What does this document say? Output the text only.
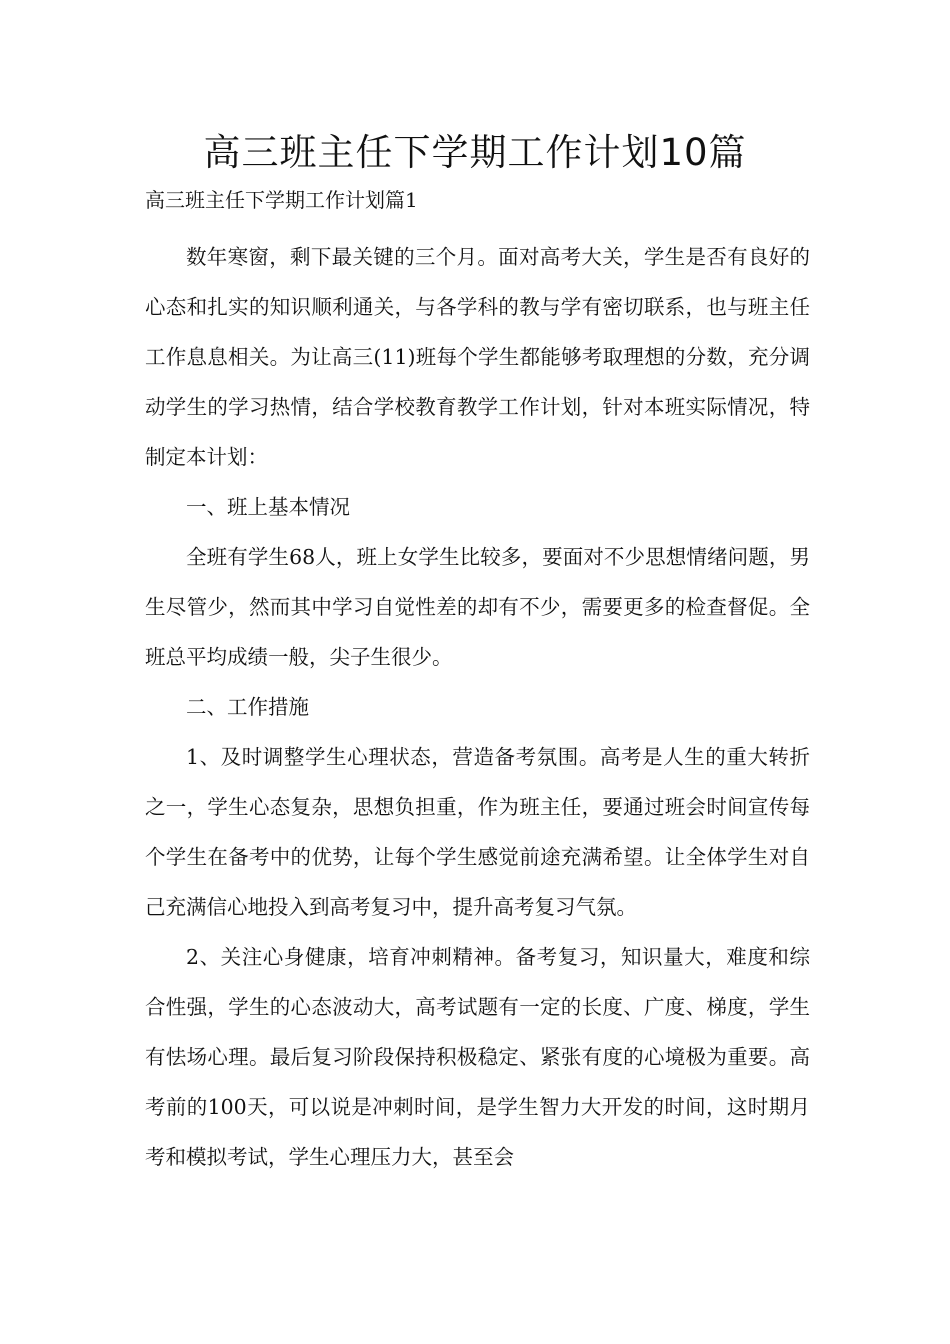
高三班主任下学期工作计划10篇
高三班主任下学期工作计划篇1

数年寒窗，剩下最关键的三个月。面对高考大关，学生是否有良好的心态和扎实的知识顺利通关，与各学科的教与学有密切联系，也与班主任工作息息相关。为让高三(11)班每个学生都能够考取理想的分数，充分调动学生的学习热情，结合学校教育教学工作计划，针对本班实际情况，特制定本计划：

一、班上基本情况

全班有学生68人，班上女学生比较多，要面对不少思想情绪问题，男生尽管少，然而其中学习自觉性差的却有不少，需要更多的检查督促。全班总平均成绩一般，尖子生很少。

二、工作措施

1、及时调整学生心理状态，营造备考氛围。高考是人生的重大转折之一，学生心态复杂，思想负担重，作为班主任，要通过班会时间宣传每个学生在备考中的优势，让每个学生感觉前途充满希望。让全体学生对自己充满信心地投入到高考复习中，提升高考复习气氛。

2、关注心身健康，培育冲刺精神。备考复习，知识量大，难度和综合性强，学生的心态波动大，高考试题有一定的长度、广度、梯度，学生有怯场心理。最后复习阶段保持积极稳定、紧张有度的心境极为重要。高考前的100天，可以说是冲刺时间，是学生智力大开发的时间，这时期月考和模拟考试，学生心理压力大，甚至会
